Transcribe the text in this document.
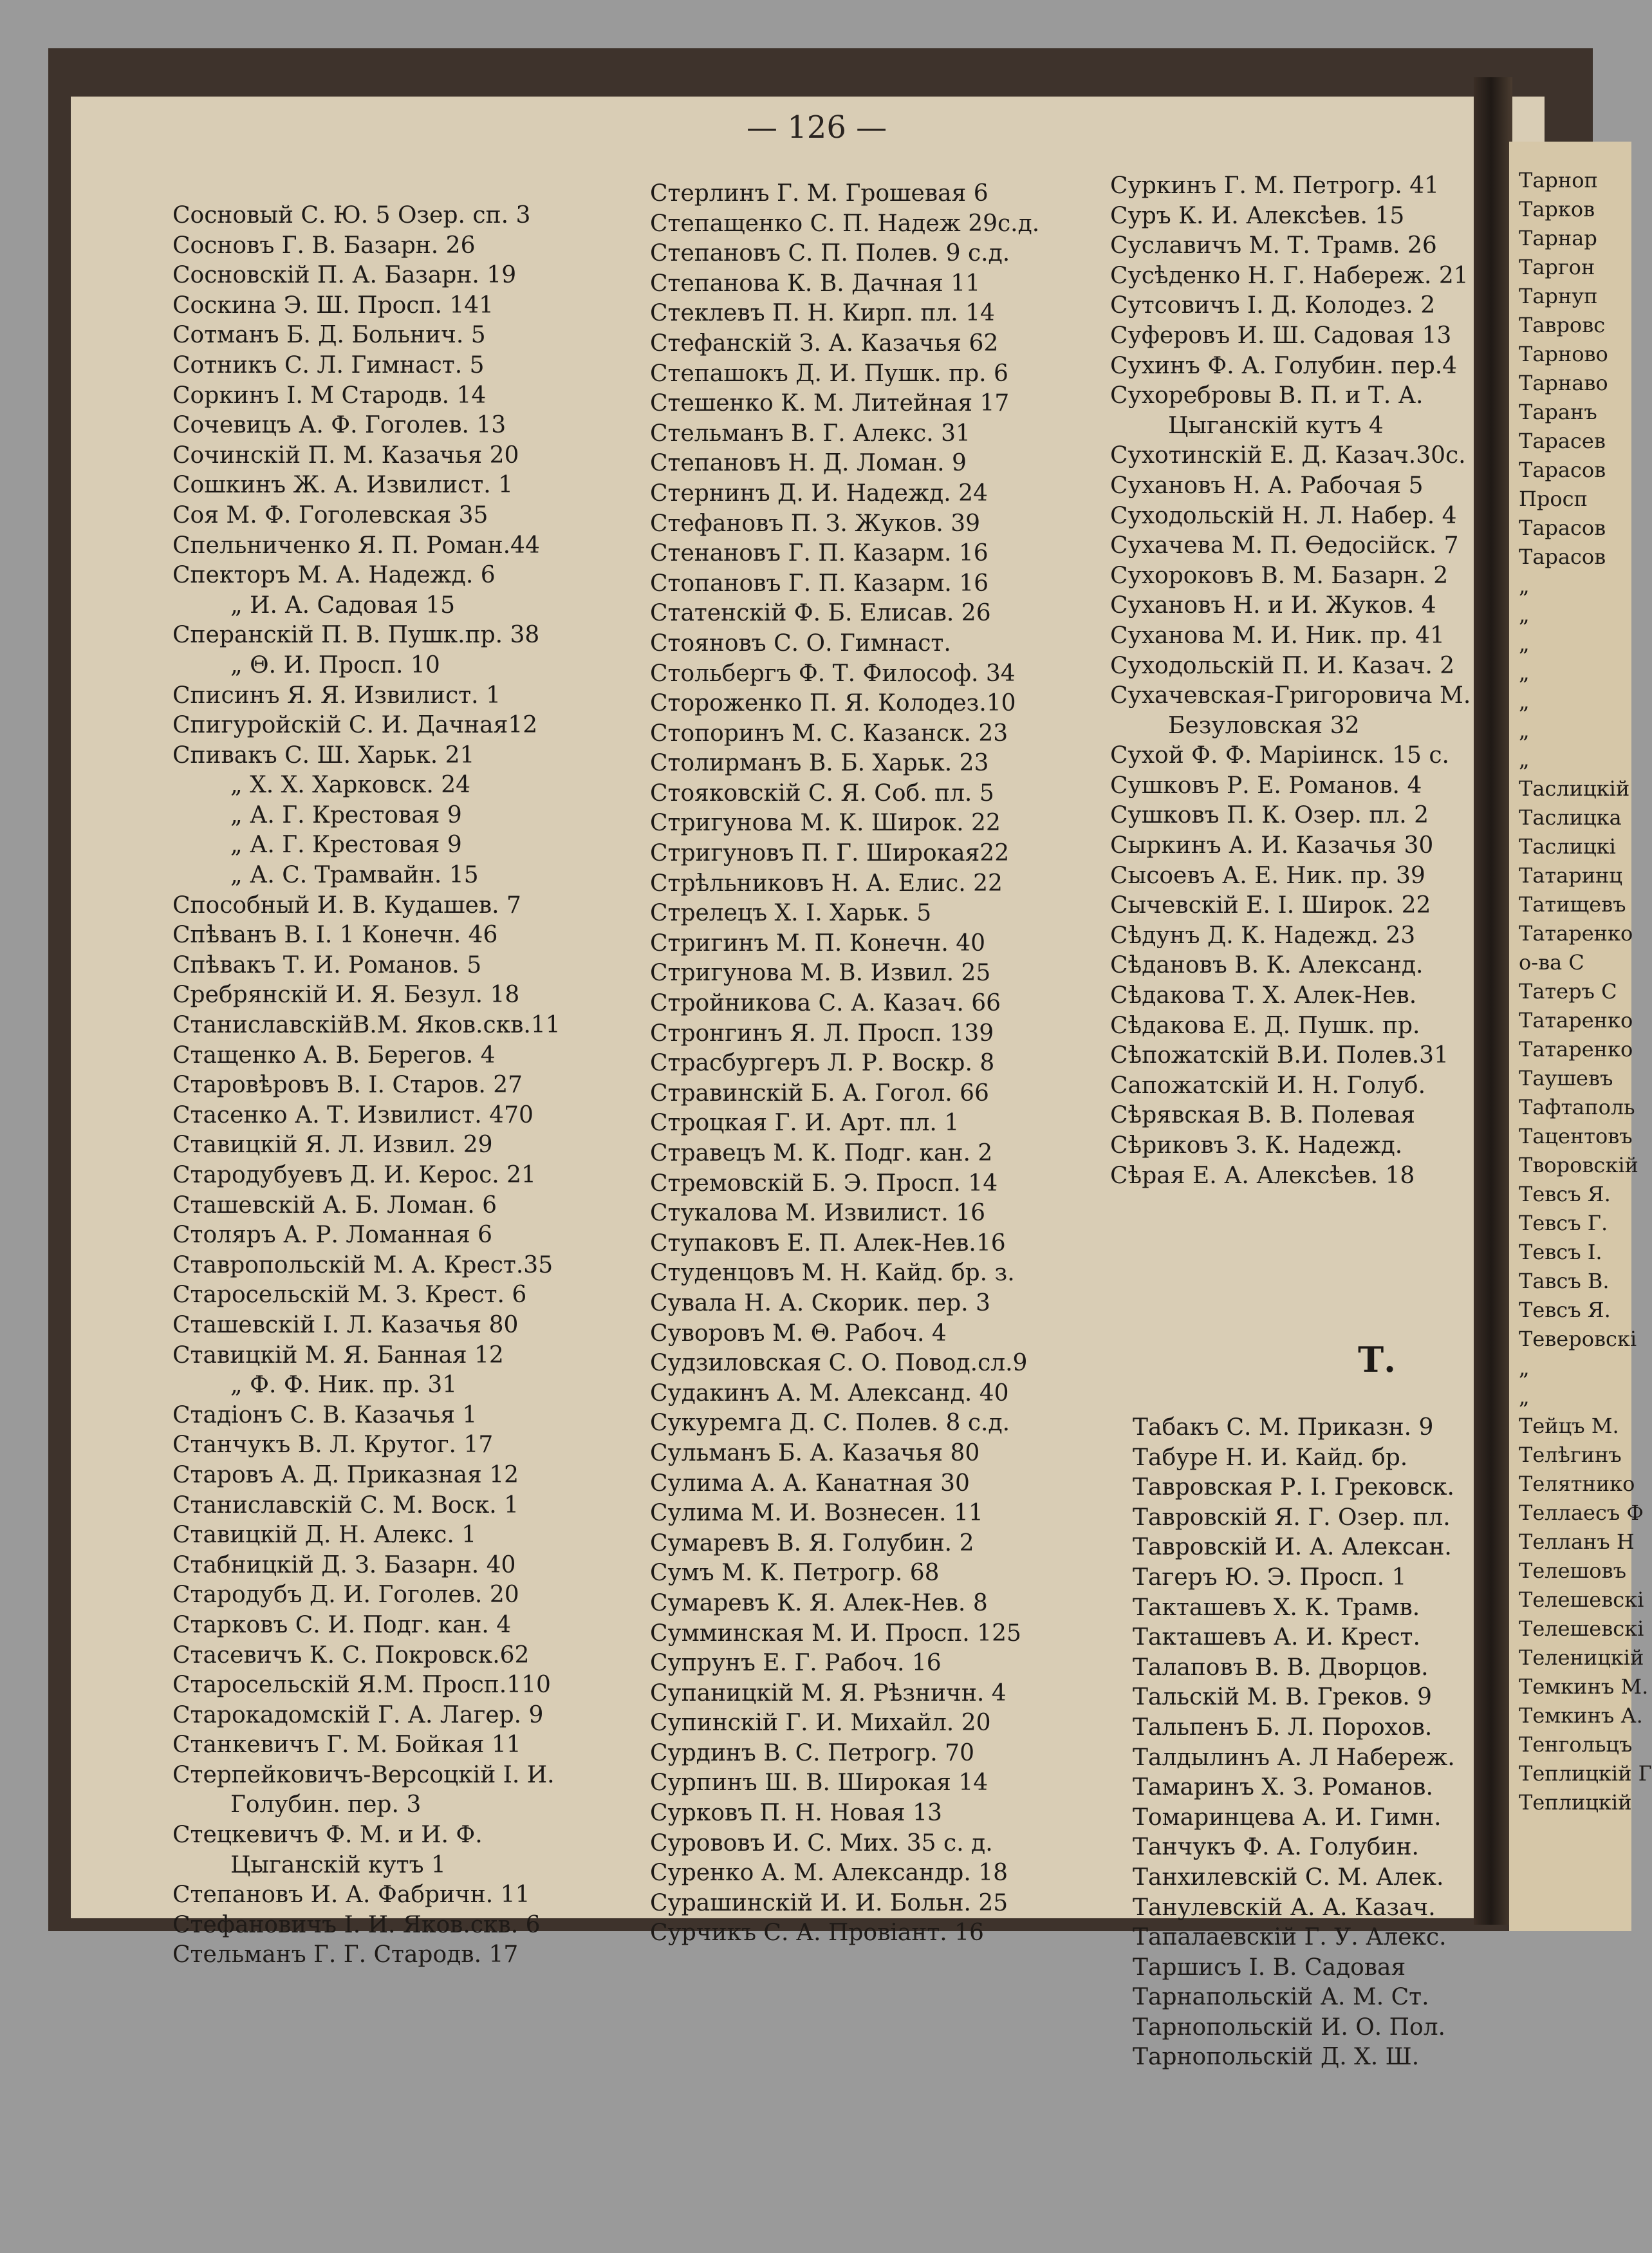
— 126 —
Сосновый С. Ю. 5 Озер. сп. 3
Сосновъ Г. В. Базарн. 26
Сосновскій П. А. Базарн. 19
Соскина Э. Ш. Просп. 141
Сотманъ Б. Д. Больнич. 5
Сотникъ С. Л. Гимнаст. 5
Соркинъ І. М Стародв. 14
Сочевицъ А. Ф. Гоголев. 13
Сочинскій П. М. Казачья 20
Сошкинъ Ж. А. Извилист. 1
Соя М. Ф. Гоголевская 35
Спельниченко Я. П. Роман.44
Спекторъ М. А. Надежд. 6
„ И. А. Садовая 15
Сперанскій П. В. Пушк.пр. 38
„ Θ. И. Просп. 10
Списинъ Я. Я. Извилист. 1
Спигуройскій С. И. Дачная12
Спивакъ С. Ш. Харьк. 21
„ Х. Х. Харковск. 24
„ А. Г. Крестовая 9
„ А. Г. Крестовая 9
„ А. С. Трамвайн. 15
Способный И. В. Кудашев. 7
Спѣванъ В. І. 1 Конечн. 46
Спѣвакъ Т. И. Романов. 5
Сребрянскій И. Я. Безул. 18
СтаниславскійВ.М. Яков.скв.11
Стащенко А. В. Берегов. 4
Старовѣровъ В. І. Старов. 27
Стасенко А. Т. Извилист. 470
Ставицкій Я. Л. Извил. 29
Стародубуевъ Д. И. Керос. 21
Сташевскій А. Б. Ломан. 6
Столяръ А. Р. Ломанная 6
Ставропольскій М. А. Крест.35
Старосельскій М. З. Крест. 6
Сташевскій І. Л. Казачья 80
Ставицкій М. Я. Банная 12
„ Ф. Ф. Ник. пр. 31
Стадіонъ С. В. Казачья 1
Станчукъ В. Л. Крутог. 17
Старовъ А. Д. Приказная 12
Станиславскій С. М. Воск. 1
Ставицкій Д. Н. Алекс. 1
Стабницкій Д. З. Базарн. 40
Стародубъ Д. И. Гоголев. 20
Старковъ С. И. Подг. кан. 4
Стасевичъ К. С. Покровск.62
Старосельскій Я.М. Просп.110
Старокадомскій Г. А. Лагер. 9
Станкевичъ Г. М. Бойкая 11
Стерпейковичъ-Версоцкій І. И.
Голубин. пер. 3
Стецкевичъ Ф. М. и И. Ф.
Цыганскій кутъ 1
Степановъ И. А. Фабричн. 11
Стефановичъ І. И. Яков.скв. 6
Стельманъ Г. Г. Стародв. 17
Стерлинъ Г. М. Грошевая 6
Степащенко С. П. Надеж 29с.д.
Степановъ С. П. Полев. 9 с.д.
Степанова К. В. Дачная 11
Стеклевъ П. Н. Кирп. пл. 14
Стефанскій З. А. Казачья 62
Степашокъ Д. И. Пушк. пр. 6
Стешенко К. М. Литейная 17
Стельманъ В. Г. Алекс. 31
Степановъ Н. Д. Ломан. 9
Стернинъ Д. И. Надежд. 24
Стефановъ П. З. Жуков. 39
Стенановъ Г. П. Казарм. 16
Стопановъ Г. П. Казарм. 16
Статенскій Ф. Б. Елисав. 26
Стояновъ С. О. Гимнаст.
Стольбергъ Ф. Т. Философ. 34
Стороженко П. Я. Колодез.10
Стопоринъ М. С. Казанск. 23
Столирманъ В. Б. Харьк. 23
Стояковскій С. Я. Соб. пл. 5
Стригунова М. К. Широк. 22
Стригуновъ П. Г. Широкая22
Стрѣльниковъ Н. А. Елис. 22
Стрелецъ Х. І. Харьк. 5
Стригинъ М. П. Конечн. 40
Стригунова М. В. Извил. 25
Стройникова С. А. Казач. 66
Стронгинъ Я. Л. Просп. 139
Страсбургеръ Л. Р. Воскр. 8
Стравинскій Б. А. Гогол. 66
Строцкая Г. И. Арт. пл. 1
Стравецъ М. К. Подг. кан. 2
Стремовскій Б. Э. Просп. 14
Стукалова М. Извилист. 16
Ступаковъ Е. П. Алек-Нев.16
Студенцовъ М. Н. Кайд. бр. з.
Сувала Н. А. Скорик. пер. 3
Суворовъ М. Θ. Рабоч. 4
Судзиловская С. О. Повод.сл.9
Судакинъ А. М. Александ. 40
Сукуремга Д. С. Полев. 8 с.д.
Сульманъ Б. А. Казачья 80
Сулима А. А. Канатная 30
Сулима М. И. Вознесен. 11
Сумаревъ В. Я. Голубин. 2
Сумъ М. К. Петрогр. 68
Сумаревъ К. Я. Алек-Нев. 8
Сумминская М. И. Просп. 125
Супрунъ Е. Г. Рабоч. 16
Супаницкій М. Я. Рѣзничн. 4
Супинскій Г. И. Михайл. 20
Сурдинъ В. С. Петрогр. 70
Сурпинъ Ш. В. Широкая 14
Сурковъ П. Н. Новая 13
Сурововъ И. С. Мих. 35 с. д.
Суренко А. М. Александр. 18
Сурашинскій И. И. Больн. 25
Сурчикъ С. А. Провіант. 16
Суркинъ Г. М. Петрогр. 41
Суръ К. И. Алексѣев. 15
Суславичъ М. Т. Трамв. 26
Сусѣденко Н. Г. Набереж. 21
Сутсовичъ І. Д. Колодез. 2
Суферовъ И. Ш. Садовая 13
Сухинъ Ф. А. Голубин. пер.4
Сухоребровы В. П. и Т. А.
Цыганскій кутъ 4
Сухотинскій Е. Д. Казач.30с.
Сухановъ Н. А. Рабочая 5
Суходольскій Н. Л. Набер. 4
Сухачева М. П. Өедосійск. 7
Сухороковъ В. М. Базарн. 2
Сухановъ Н. и И. Жуков. 4
Суханова М. И. Ник. пр. 41
Суходольскій П. И. Казач. 2
Сухачевская-Григоровича М.
Безуловская 32
Сухой Ф. Ф. Маріинск. 15 с.
Сушковъ Р. Е. Романов. 4
Сушковъ П. К. Озер. пл. 2
Сыркинъ А. И. Казачья 30
Сысоевъ А. Е. Ник. пр. 39
Сычевскій Е. І. Широк. 22
Сѣдунъ Д. К. Надежд. 23
Сѣдановъ В. К. Александ.
Сѣдакова Т. Х. Алек-Нев.
Сѣдакова Е. Д. Пушк. пр.
Сѣпожатскій В.И. Полев.31
Сапожатскій И. Н. Голуб.
Сѣрявская В. В. Полевая
Сѣриковъ З. К. Надежд.
Сѣрая Е. А. Алексѣев. 18
Т.
Табакъ С. М. Приказн. 9
Табуре Н. И. Кайд. бр.
Тавровская Р. І. Грековск.
Тавровскій Я. Г. Озер. пл.
Тавровскій И. А. Алексан.
Тагеръ Ю. Э. Просп. 1
Такташевъ Х. К. Трамв.
Такташевъ А. И. Крест.
Талаповъ В. В. Дворцов.
Тальскій М. В. Греков. 9
Тальпенъ Б. Л. Порохов.
Талдылинъ А. Л Набереж.
Тамаринъ Х. З. Романов.
Томаринцева А. И. Гимн.
Танчукъ Ф. А. Голубин.
Танхилевскій С. М. Алек.
Танулевскій А. А. Казач.
Тапалаевскій Г. У. Алекс.
Таршисъ І. В. Садовая
Тарнапольскій А. М. Ст.
Тарнопольскій И. О. Пол.
Тарнопольскій Д. Х. Ш.
Тарноп
Тарков
Тарнар
Таргон
Тарнуп
Тавровс
Тарново
Тарнаво
Таранъ
Тарасев
Тарасов
Просп
Тарасов
Тарасов
„
„
„
„
„
„
„
Таслицкій
Таслицка
Таслицкі
Татаринц
Татищевъ
Татаренко
о-ва С
Татеръ С
Татаренко
Татаренко
Таушевъ
Тафтаполь
Тацентовъ
Творовскій
Тевсъ Я.
Тевсъ Г.
Тевсъ І.
Тавсъ В.
Тевсъ Я.
Теверовскі
„
„
Тейцъ М.
Телѣгинъ
Телятнико
Теллаесъ Ф
Телланъ Н
Телешовъ
Телешевскі
Телешевскі
Теленицкій
Темкинъ М.
Темкинъ А.
Тенгольцъ
Теплицкій Г
Теплицкій
